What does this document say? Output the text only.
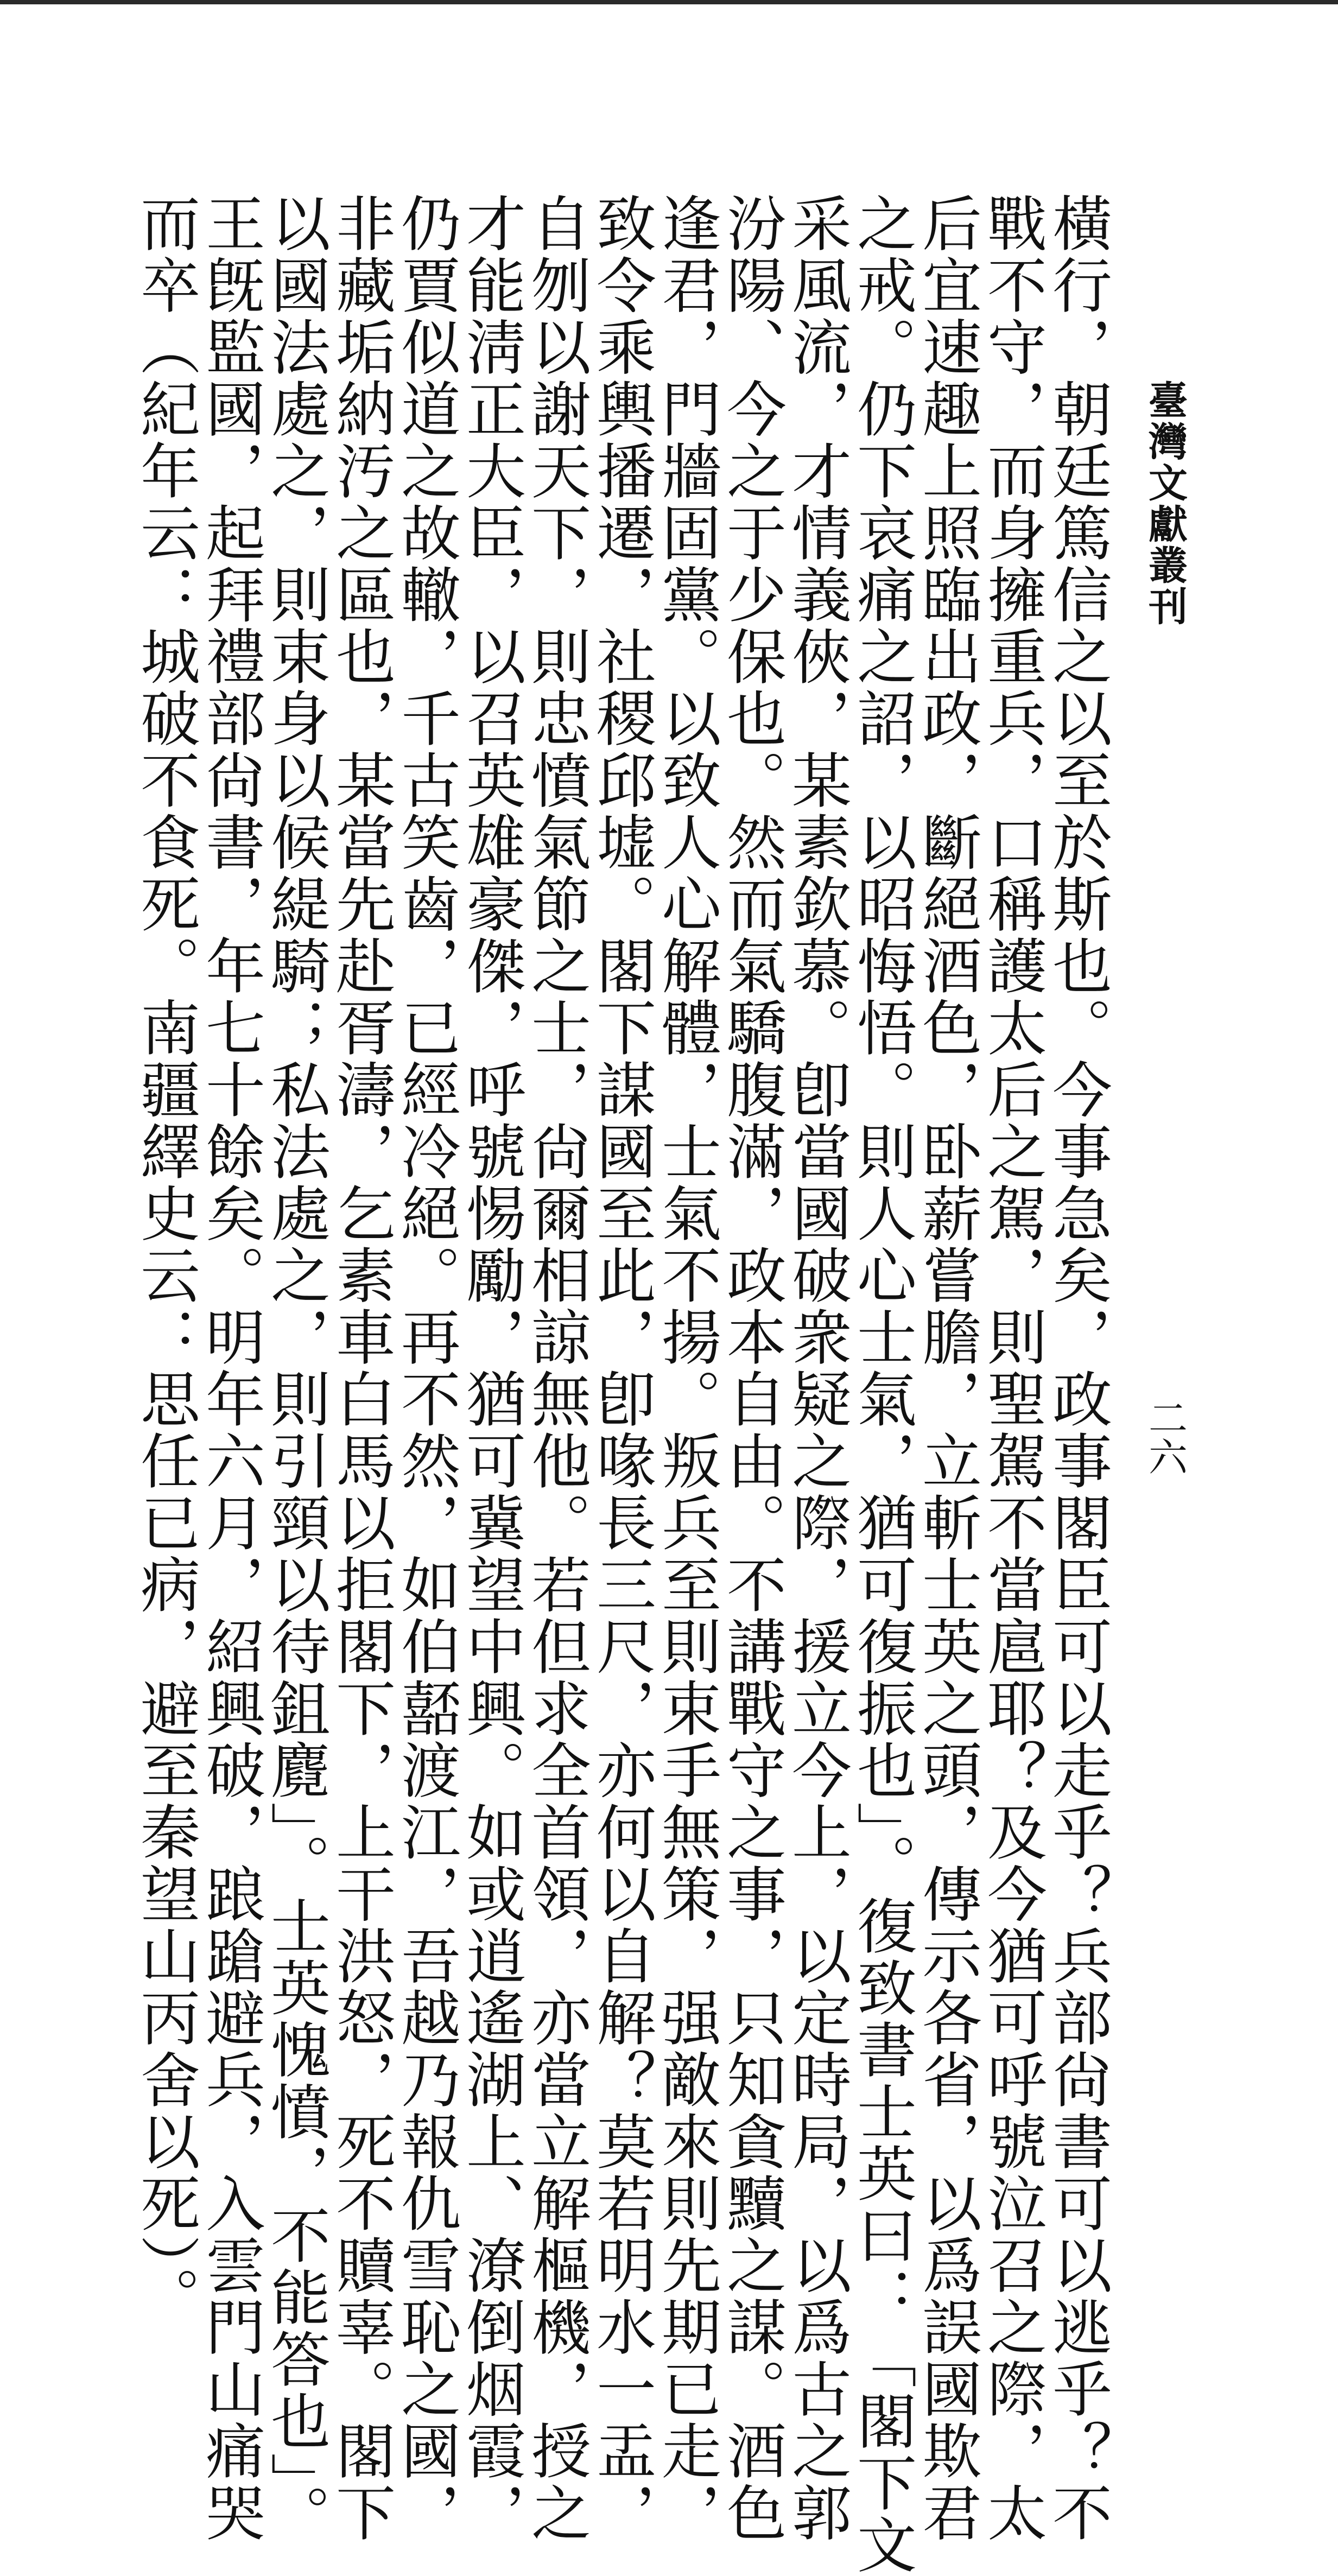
臺灣文獻叢刊
二六
橫行，朝廷篤信之以至於斯也。今事急矣，政事閣臣可以走乎？兵部尙書可以逃乎？不
戰不守，而身擁重兵，口稱護太后之駕，則聖駕不當扈耶？及今猶可呼號泣召之際，太
后宜速趣上照臨出政，斷絕酒色，卧薪嘗膽，立斬士英之頭，傳示各省，以爲誤國欺君
之戒。仍下哀痛之詔，以昭悔悟。則人心士氣，猶可復振也」。復致書士英曰：「閣下文
采風流，才情義俠，某素欽慕。卽當國破衆疑之際，援立今上，以定時局，以爲古之郭
汾陽、今之于少保也。然而氣驕腹滿，政本自由。不講戰守之事，只知貪黷之謀。酒色
逢君，門牆固黨。以致人心解體，士氣不揚。叛兵至則束手無策，强敵來則先期已走，
致令乘輿播遷，社稷邱墟。閣下謀國至此，卽喙長三尺，亦何以自解？莫若明水一盂，
自刎以謝天下，則忠憤氣節之士，尙爾相諒無他。若但求全首領，亦當立解樞機，授之
才能淸正大臣，以召英雄豪傑，呼號惕勵，猶可冀望中興。如或逍遙湖上、潦倒烟霞，
仍賈似道之故轍，千古笑齒，已經冷絕。再不然，如伯嚭渡江，吾越乃報仇雪恥之國，
非藏垢納汚之區也，某當先赴胥濤，乞素車白馬以拒閣下，上干洪怒，死不贖辜。閣下
以國法處之，則束身以候緹騎；私法處之，則引頸以待鉏麑」。士英愧憤，不能答也」。
王旣監國，起拜禮部尙書，年七十餘矣。明年六月，紹興破，踉蹌避兵，入雲門山痛哭
而卒（紀年云：城破不食死。南疆繹史云：思任已病，避至秦望山丙舍以死）。
